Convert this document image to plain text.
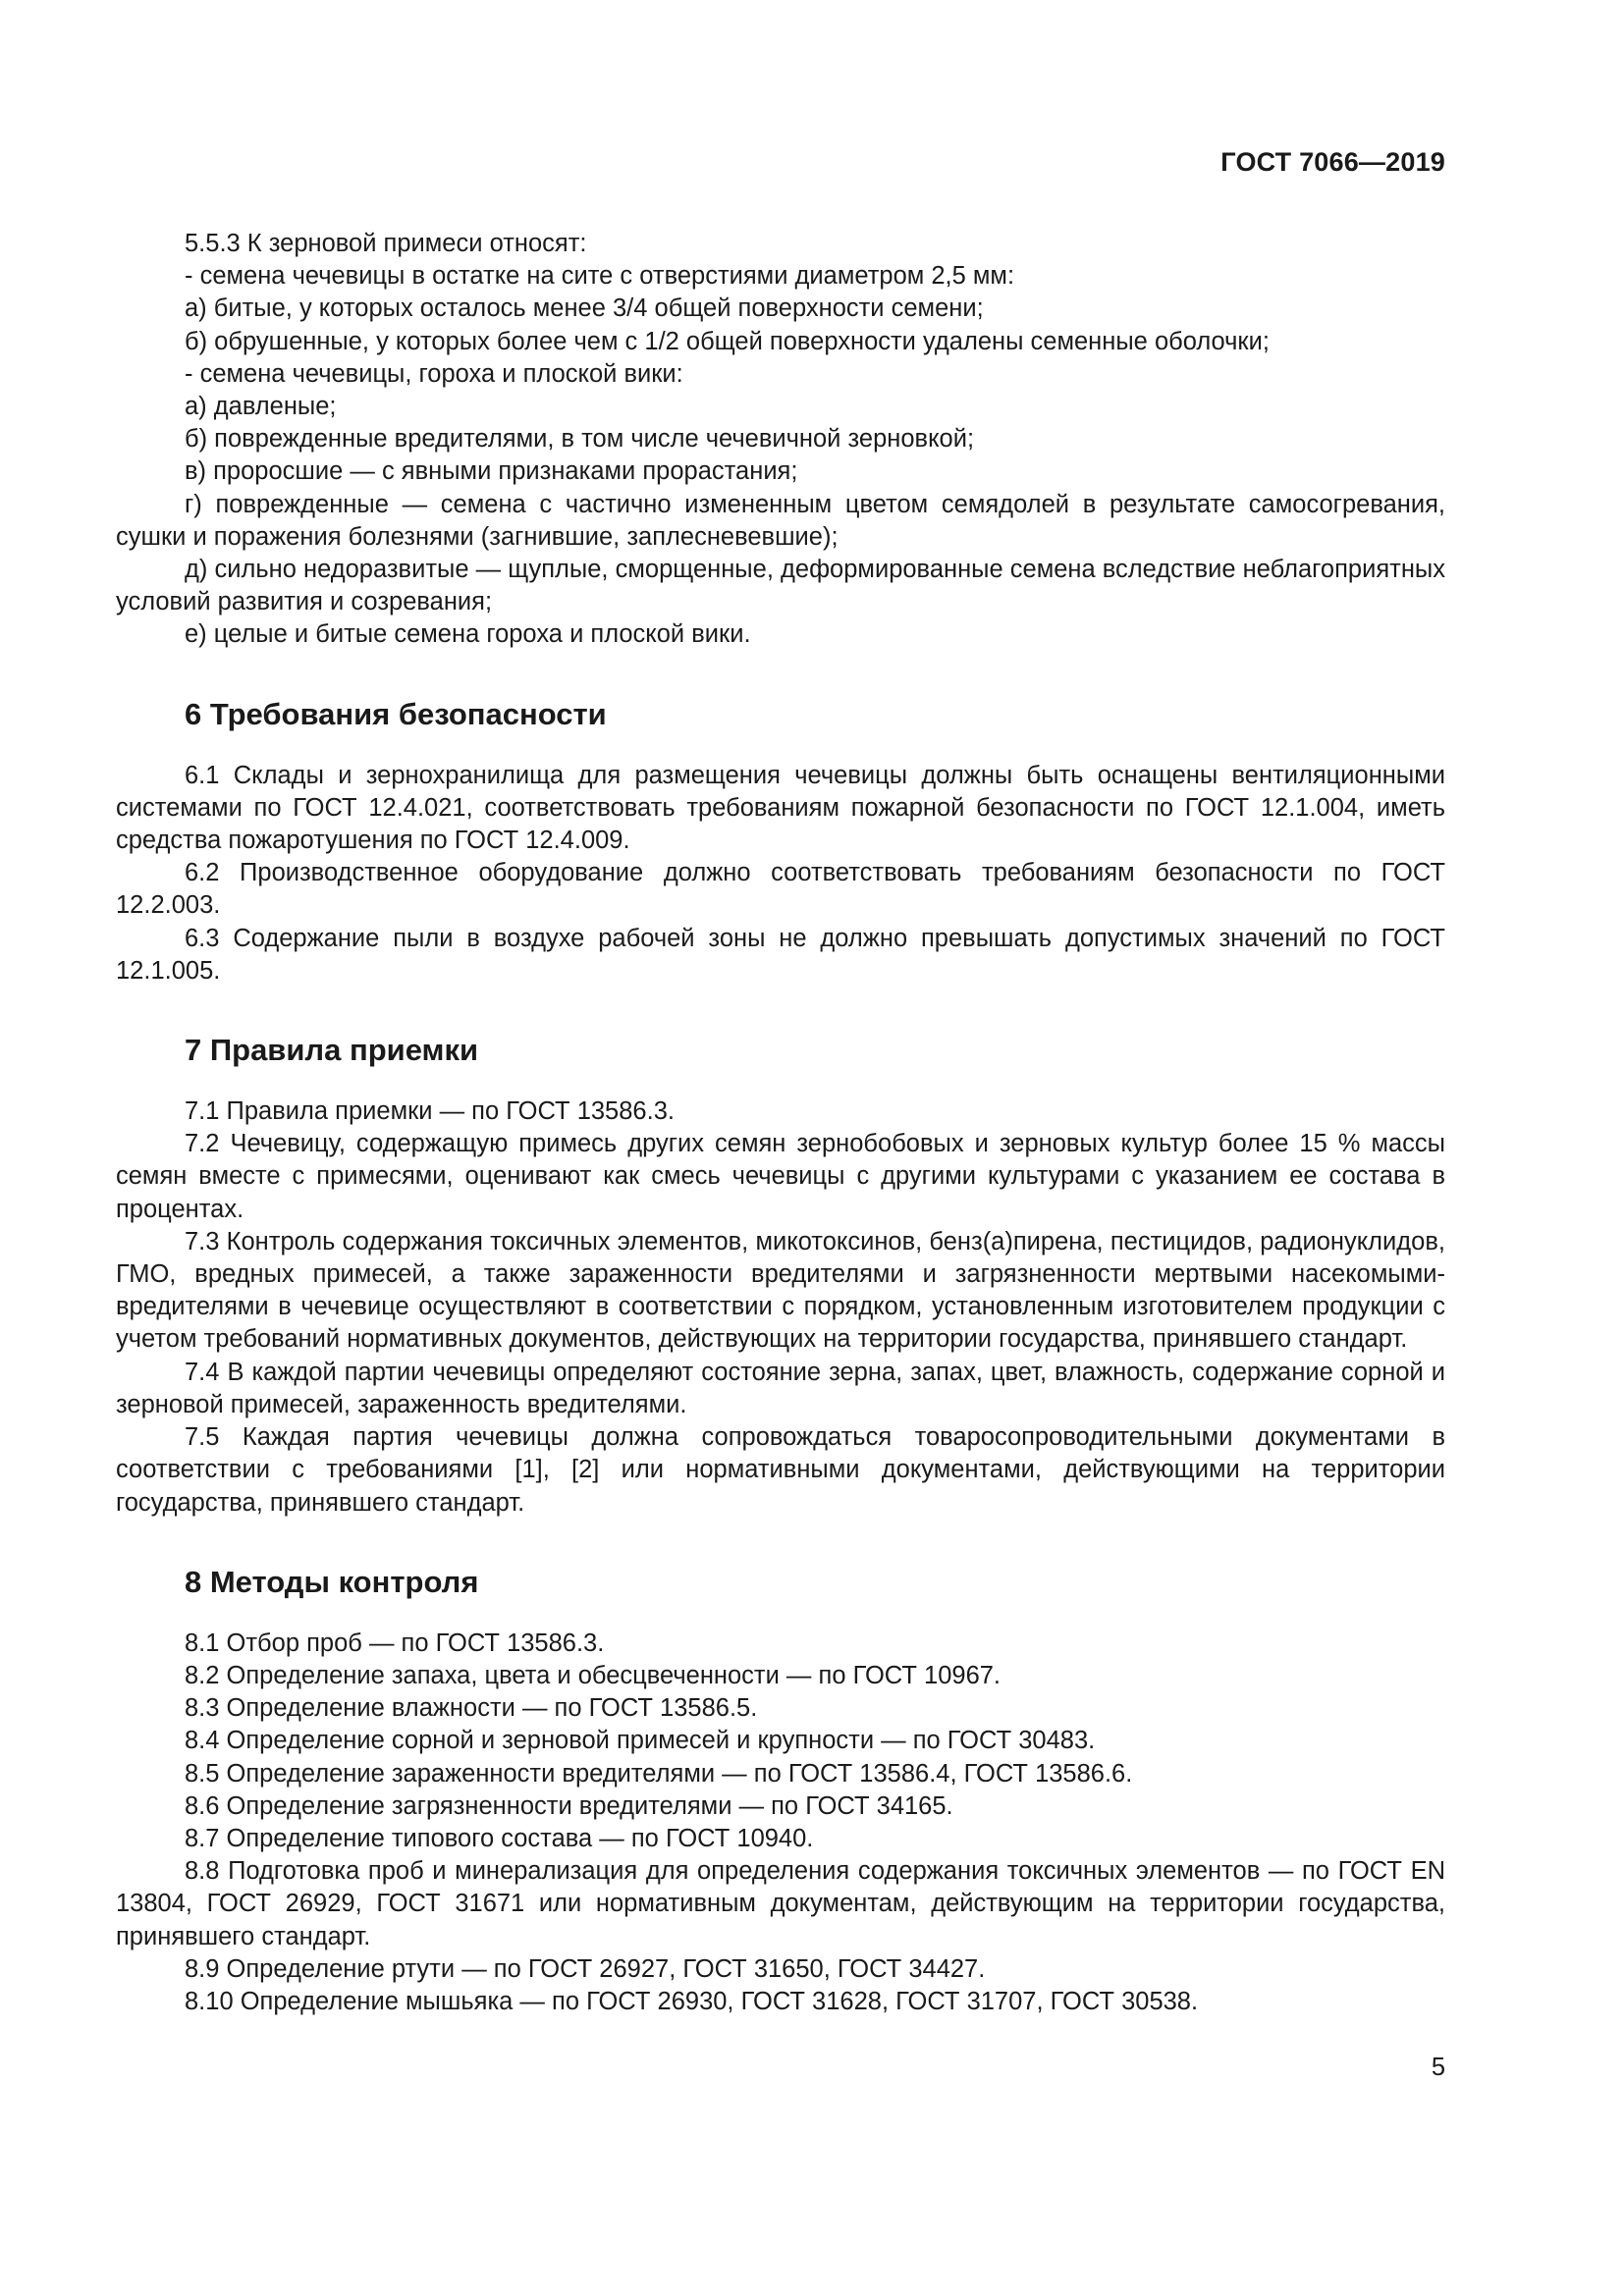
ГОСТ 7066—2019

5.5.3 К зерновой примеси относят:

- семена чечевицы в остатке на сите с отверстиями диаметром 2,5 мм:

а) битые, у которых осталось менее 3/4 общей поверхности семени;

б) обрушенные, у которых более чем с 1/2 общей поверхности удалены семенные оболочки;

- семена чечевицы, гороха и плоской вики:

а) давленые;

б) поврежденные вредителями, в том числе чечевичной зерновкой;

в) проросшие — с явными признаками прорастания;

г) поврежденные — семена с частично измененным цветом семядолей в результате самосогревания, сушки и поражения болезнями (загнившие, заплесневевшие);

д) сильно недоразвитые — щуплые, сморщенные, деформированные семена вследствие неблагоприятных условий развития и созревания;

е) целые и битые семена гороха и плоской вики.

6 Требования безопасности

6.1 Склады и зернохранилища для размещения чечевицы должны быть оснащены вентиляционными системами по ГОСТ 12.4.021, соответствовать требованиям пожарной безопасности по ГОСТ 12.1.004, иметь средства пожаротушения по ГОСТ 12.4.009.

6.2 Производственное оборудование должно соответствовать требованиям безопасности по ГОСТ 12.2.003.

6.3 Содержание пыли в воздухе рабочей зоны не должно превышать допустимых значений по ГОСТ 12.1.005.

7 Правила приемки

7.1 Правила приемки — по ГОСТ 13586.3.

7.2 Чечевицу, содержащую примесь других семян зернобобовых и зерновых культур более 15 % массы семян вместе с примесями, оценивают как смесь чечевицы с другими культурами с указанием ее состава в процентах.

7.3 Контроль содержания токсичных элементов, микотоксинов, бенз(а)пирена, пестицидов, радионуклидов, ГМО, вредных примесей, а также зараженности вредителями и загрязненности мертвыми насекомыми-вредителями в чечевице осуществляют в соответствии с порядком, установленным изготовителем продукции с учетом требований нормативных документов, действующих на территории государства, принявшего стандарт.

7.4 В каждой партии чечевицы определяют состояние зерна, запах, цвет, влажность, содержание сорной и зерновой примесей, зараженность вредителями.

7.5 Каждая партия чечевицы должна сопровождаться товаросопроводительными документами в соответствии с требованиями [1], [2] или нормативными документами, действующими на территории государства, принявшего стандарт.

8 Методы контроля

8.1 Отбор проб — по ГОСТ 13586.3.

8.2 Определение запаха, цвета и обесцвеченности — по ГОСТ 10967.

8.3 Определение влажности — по ГОСТ 13586.5.

8.4 Определение сорной и зерновой примесей и крупности — по ГОСТ 30483.

8.5 Определение зараженности вредителями — по ГОСТ 13586.4, ГОСТ 13586.6.

8.6 Определение загрязненности вредителями — по ГОСТ 34165.

8.7 Определение типового состава — по ГОСТ 10940.

8.8 Подготовка проб и минерализация для определения содержания токсичных элементов — по ГОСТ EN 13804, ГОСТ 26929, ГОСТ 31671 или нормативным документам, действующим на территории государства, принявшего стандарт.

8.9 Определение ртути — по ГОСТ 26927, ГОСТ 31650, ГОСТ 34427.

8.10 Определение мышьяка — по ГОСТ 26930, ГОСТ 31628, ГОСТ 31707, ГОСТ 30538.

5
